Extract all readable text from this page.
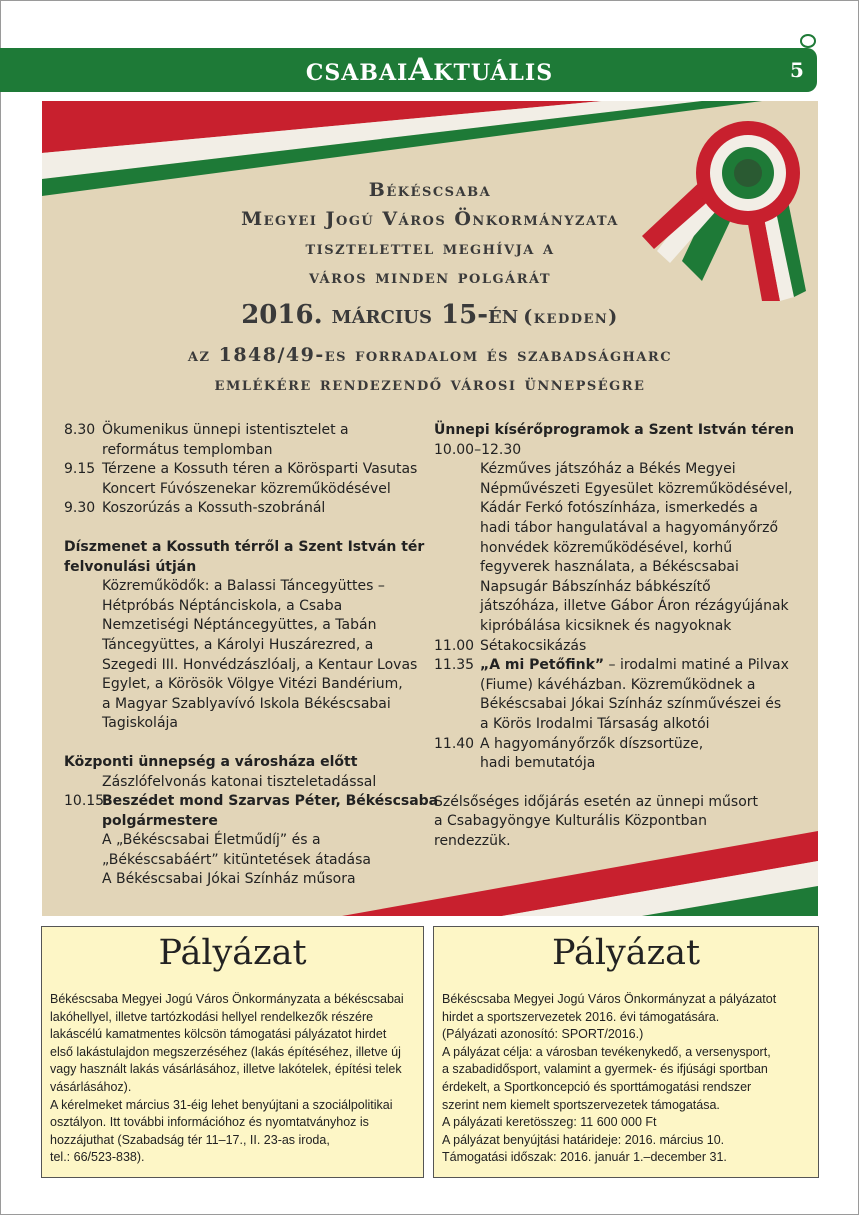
csabaiAktuális	5
Békéscsaba
Megyei Jogú Város Önkormányzata
tisztelettel meghívja a
város minden polgárát
2016. március 15-én (kedden)
az 1848/49-es forradalom és szabadságharc
emlékére rendezendő városi ünnepségre
8.30 Ökumenikus ünnepi istentisztelet a
református templomban
9.15 Térzene a Kossuth téren a Körösparti Vasutas
Koncert Fúvószenekar közreműködésével
9.30 Koszorúzás a Kossuth-szobránál
Díszmenet a Kossuth térről a Szent István tér
felvonulási útján
Közreműködők: a Balassi Táncegyüttes –
Hétpróbás Néptánciskola, a Csaba
Nemzetiségi Néptáncegyüttes, a Tabán
Táncegyüttes, a Károlyi Huszárezred, a
Szegedi III. Honvédzászlóalj, a Kentaur Lovas
Egylet, a Körösök Völgye Vitézi Bandérium,
a Magyar Szablyavívó Iskola Békéscsabai
Tagiskolája
Központi ünnepség a városháza előtt
Zászlófelvonás katonai tiszteletadással
10.15
Beszédet mond Szarvas Péter, Békéscsaba
polgármestere
A „Békéscsabai Életműdíj” és a
„Békéscsabáért” kitüntetések átadása
A Békéscsabai Jókai Színház műsora
Ünnepi kísérőprogramok a Szent István téren
10.00–12.30
Kézműves játszóház a Békés Megyei
Népművészeti Egyesület közreműködésével,
Kádár Ferkó fotószínháza, ismerkedés a
hadi tábor hangulatával a hagyományőrző
honvédek közreműködésével, korhű
fegyverek használata, a Békéscsabai
Napsugár Bábszínház bábkészítő
játszóháza, illetve Gábor Áron rézágyújának
kipróbálása kicsiknek és nagyoknak
11.00 Sétakocsikázás
11.35 „A mi Petőfink” – irodalmi matiné a Pilvax
(Fiume) kávéházban. Közreműködnek a
Békéscsabai Jókai Színház színművészei és
a Körös Irodalmi Társaság alkotói
11.40 A hagyományőrzők díszsortüze,
hadi bemutatója
Szélsőséges időjárás esetén az ünnepi műsort
a Csabagyöngye Kulturális Központban
rendezzük.
Pályázat
Békéscsaba Megyei Jogú Város Önkormányzata a békéscsabai
lakóhellyel, illetve tartózkodási hellyel rendelkezők részére
lakáscélú kamatmentes kölcsön támogatási pályázatot hirdet
első lakástulajdon megszerzéséhez (lakás építéséhez, illetve új
vagy használt lakás vásárlásához, illetve lakótelek, építési telek
vásárlásához).
A kérelmeket március 31-éig lehet benyújtani a szociálpolitikai
osztályon. Itt további információhoz és nyomtatványhoz is
hozzájuthat (Szabadság tér 11–17., II. 23-as iroda,
tel.: 66/523-838).
Pályázat
Békéscsaba Megyei Jogú Város Önkormányzat a pályázatot
hirdet a sportszervezetek 2016. évi támogatására.
(Pályázati azonosító: SPORT/2016.)
A pályázat célja: a városban tevékenykedő, a versenysport,
a szabadidősport, valamint a gyermek- és ifjúsági sportban
érdekelt, a Sportkoncepció és sporttámogatási rendszer
szerint nem kiemelt sportszervezetek támogatása.
A pályázati keretösszeg: 11 600 000 Ft
A pályázat benyújtási határideje: 2016. március 10.
Támogatási időszak: 2016. január 1.–december 31.
